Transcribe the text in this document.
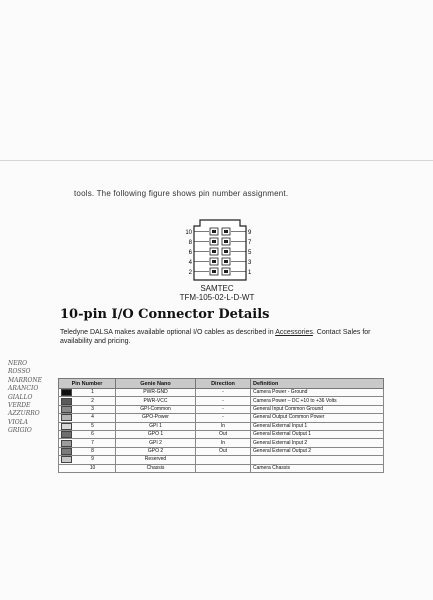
tools. The following figure shows pin number assignment.
10
8
6
4
2
9
7
5
3
1
SAMTEC
TFM-105-02-L-D-WT
10-pin I/O Connector Details
Teledyne DALSA makes available optional I/O cables as described in Accessories. Contact Sales for availability and pricing.
NERO
ROSSO
MARRONE
ARANCIO
GIALLO
VERDE
AZZURRO
VIOLA
GRIGIO
Pin Number	Genie Nano	Direction	Definition

1	PWR-GND	-	Camera Power - Ground

2	PWR-VCC	-	Camera Power – DC +10 to +36 Volts

3	GPI-Common	-	General Input Common Ground

4	GPO-Power	-	General Output Common Power

5	GPI 1	In	General External Input 1

6	GPO 1	Out	General External Output 1

7	GPI 2	In	General External Input 2

8	GPO 2	Out	General External Output 2

9	Reserved		

10	Chassis		Camera Chassis
